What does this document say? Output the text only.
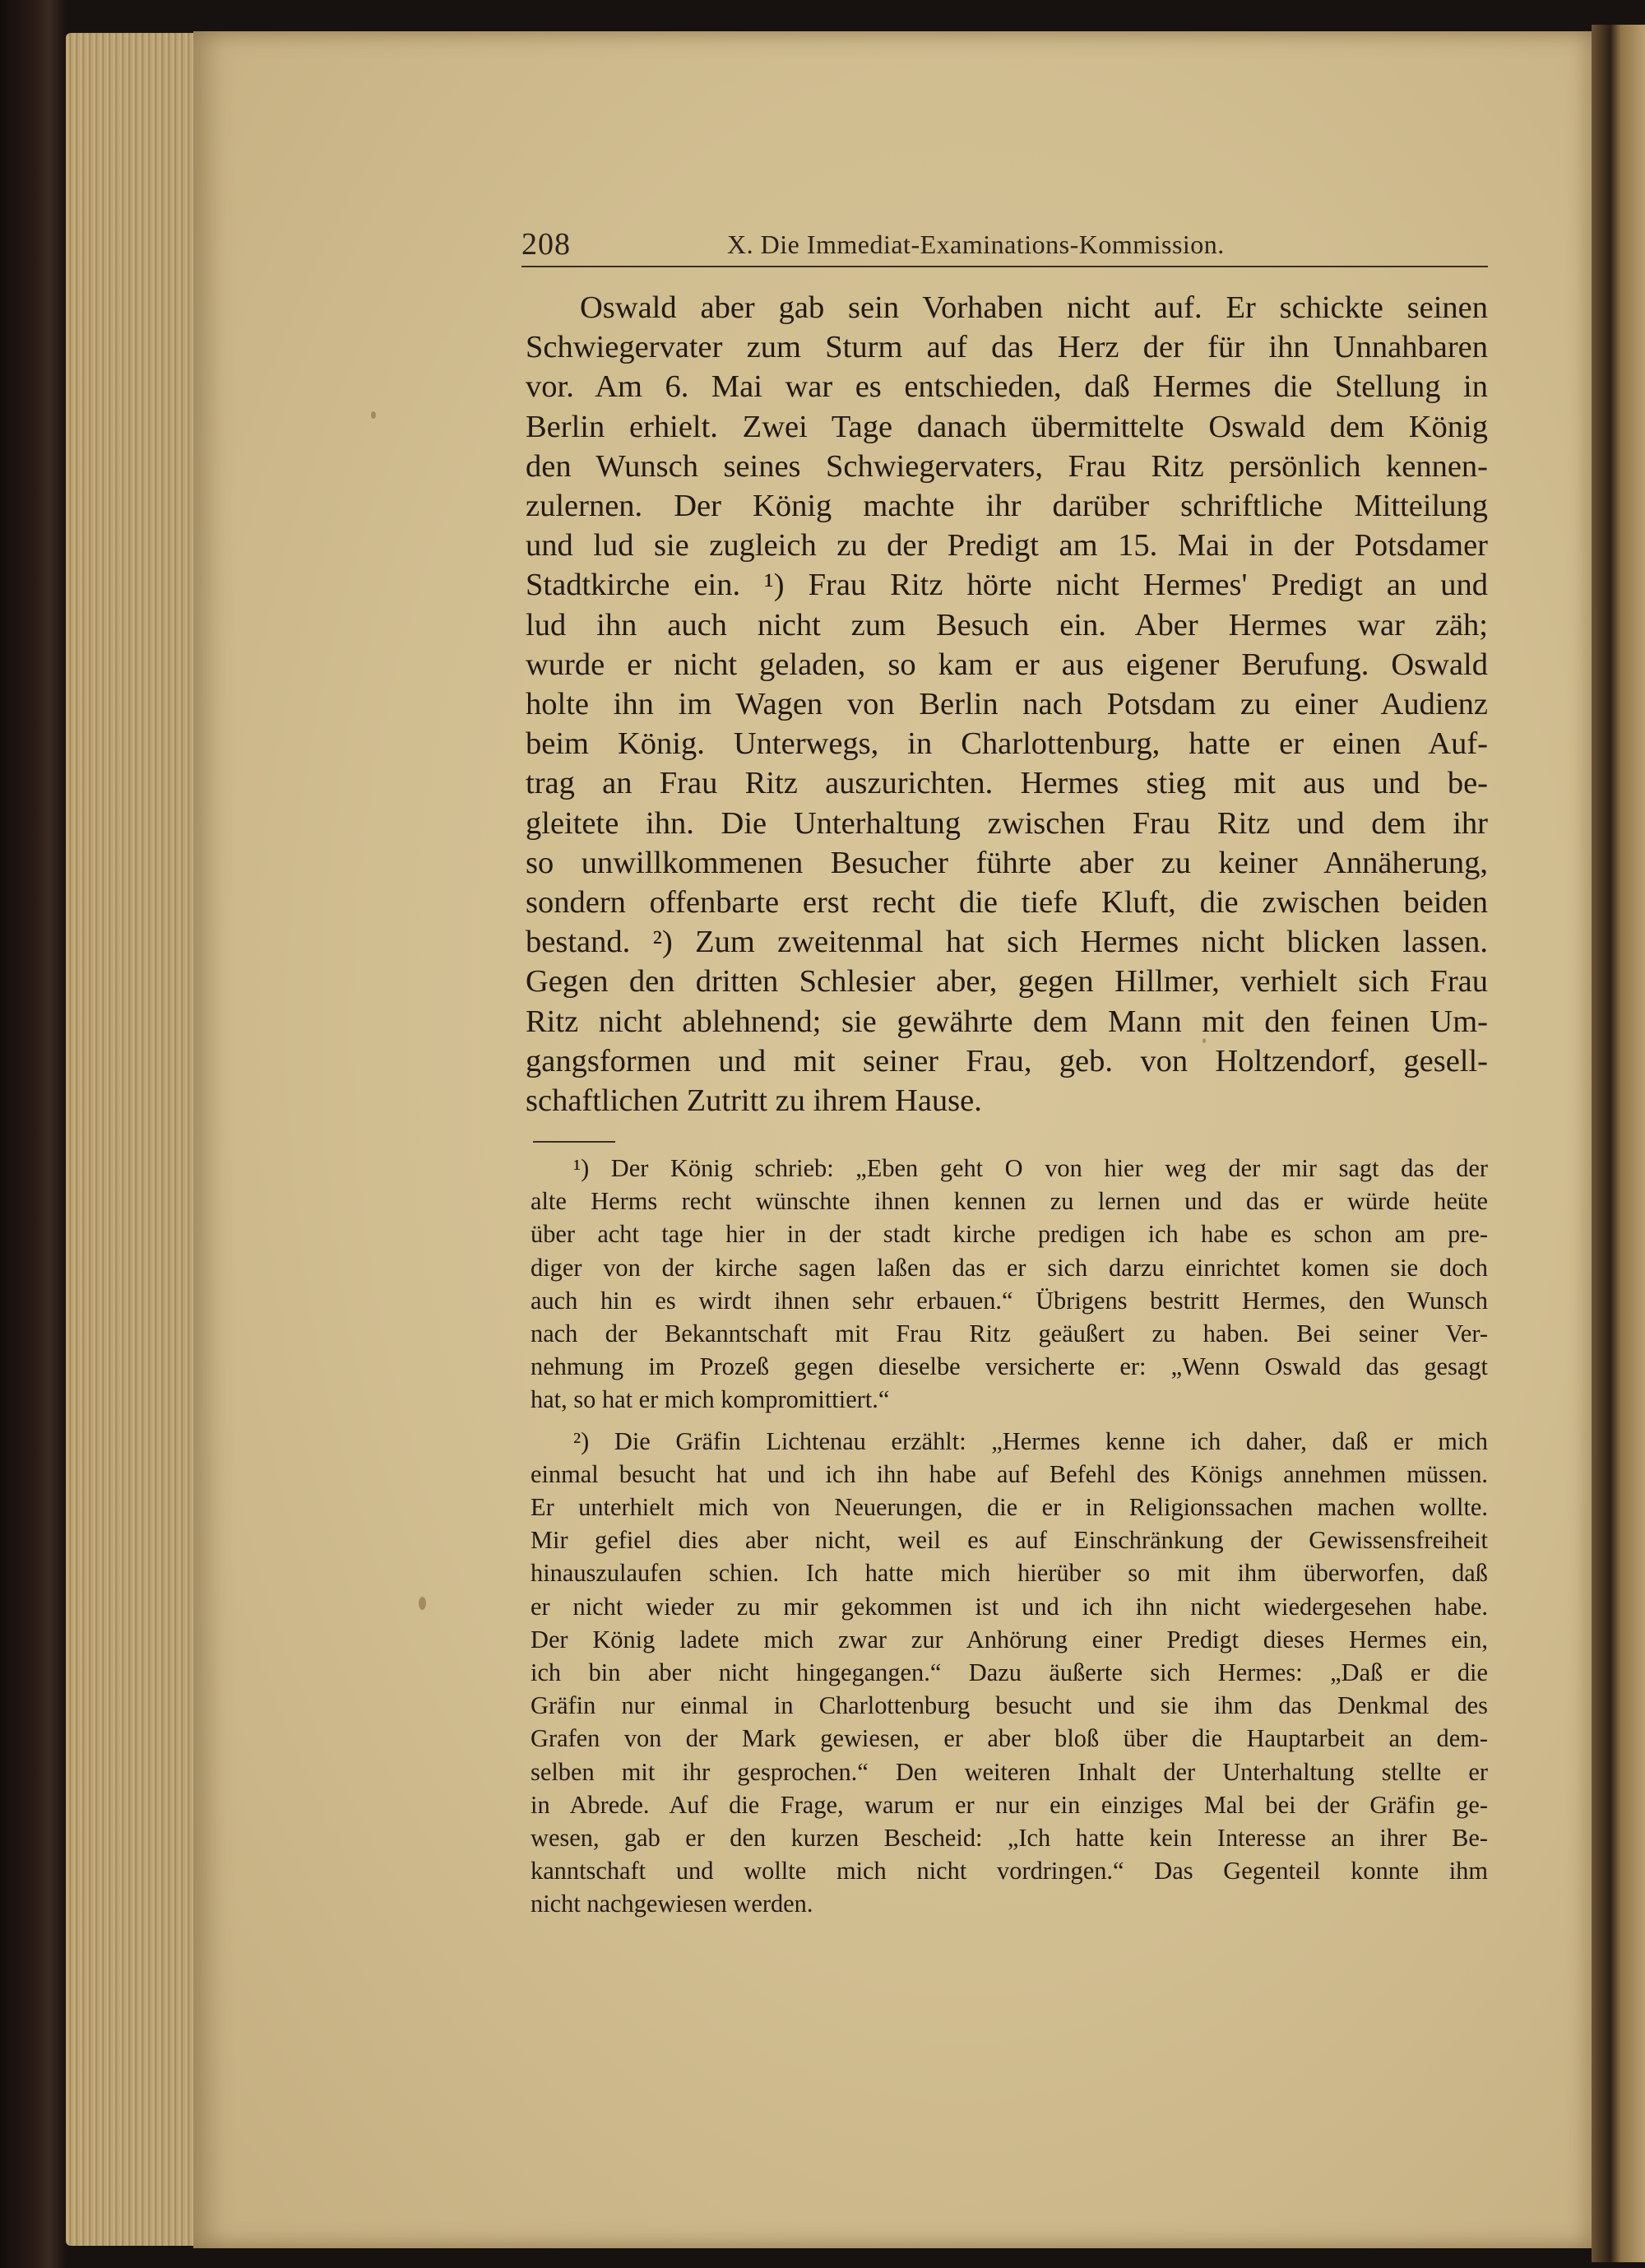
208	X. Die Immediat-Examinations-Kommission.
Oswald aber gab sein Vorhaben nicht auf. Er schickte seinen
Schwiegervater zum Sturm auf das Herz der für ihn Unnahbaren
vor. Am 6. Mai war es entschieden, daß Hermes die Stellung in
Berlin erhielt. Zwei Tage danach übermittelte Oswald dem König
den Wunsch seines Schwiegervaters, Frau Ritz persönlich kennen-
zulernen. Der König machte ihr darüber schriftliche Mitteilung
und lud sie zugleich zu der Predigt am 15. Mai in der Potsdamer
Stadtkirche ein. ¹) Frau Ritz hörte nicht Hermes' Predigt an und
lud ihn auch nicht zum Besuch ein. Aber Hermes war zäh;
wurde er nicht geladen, so kam er aus eigener Berufung. Oswald
holte ihn im Wagen von Berlin nach Potsdam zu einer Audienz
beim König. Unterwegs, in Charlottenburg, hatte er einen Auf-
trag an Frau Ritz auszurichten. Hermes stieg mit aus und be-
gleitete ihn. Die Unterhaltung zwischen Frau Ritz und dem ihr
so unwillkommenen Besucher führte aber zu keiner Annäherung,
sondern offenbarte erst recht die tiefe Kluft, die zwischen beiden
bestand. ²) Zum zweitenmal hat sich Hermes nicht blicken lassen.
Gegen den dritten Schlesier aber, gegen Hillmer, verhielt sich Frau
Ritz nicht ablehnend; sie gewährte dem Mann mit den feinen Um-
gangsformen und mit seiner Frau, geb. von Holtzendorf, gesell-
schaftlichen Zutritt zu ihrem Hause.
¹) Der König schrieb: „Eben geht O von hier weg der mir sagt das der
alte Herms recht wünschte ihnen kennen zu lernen und das er würde heüte
über acht tage hier in der stadt kirche predigen ich habe es schon am pre-
diger von der kirche sagen laßen das er sich darzu einrichtet komen sie doch
auch hin es wirdt ihnen sehr erbauen.“ Übrigens bestritt Hermes, den Wunsch
nach der Bekanntschaft mit Frau Ritz geäußert zu haben. Bei seiner Ver-
nehmung im Prozeß gegen dieselbe versicherte er: „Wenn Oswald das gesagt
hat, so hat er mich kompromittiert.“
²) Die Gräfin Lichtenau erzählt: „Hermes kenne ich daher, daß er mich
einmal besucht hat und ich ihn habe auf Befehl des Königs annehmen müssen.
Er unterhielt mich von Neuerungen, die er in Religionssachen machen wollte.
Mir gefiel dies aber nicht, weil es auf Einschränkung der Gewissensfreiheit
hinauszulaufen schien. Ich hatte mich hierüber so mit ihm überworfen, daß
er nicht wieder zu mir gekommen ist und ich ihn nicht wiedergesehen habe.
Der König ladete mich zwar zur Anhörung einer Predigt dieses Hermes ein,
ich bin aber nicht hingegangen.“ Dazu äußerte sich Hermes: „Daß er die
Gräfin nur einmal in Charlottenburg besucht und sie ihm das Denkmal des
Grafen von der Mark gewiesen, er aber bloß über die Hauptarbeit an dem-
selben mit ihr gesprochen.“ Den weiteren Inhalt der Unterhaltung stellte er
in Abrede. Auf die Frage, warum er nur ein einziges Mal bei der Gräfin ge-
wesen, gab er den kurzen Bescheid: „Ich hatte kein Interesse an ihrer Be-
kanntschaft und wollte mich nicht vordringen.“ Das Gegenteil konnte ihm
nicht nachgewiesen werden.
